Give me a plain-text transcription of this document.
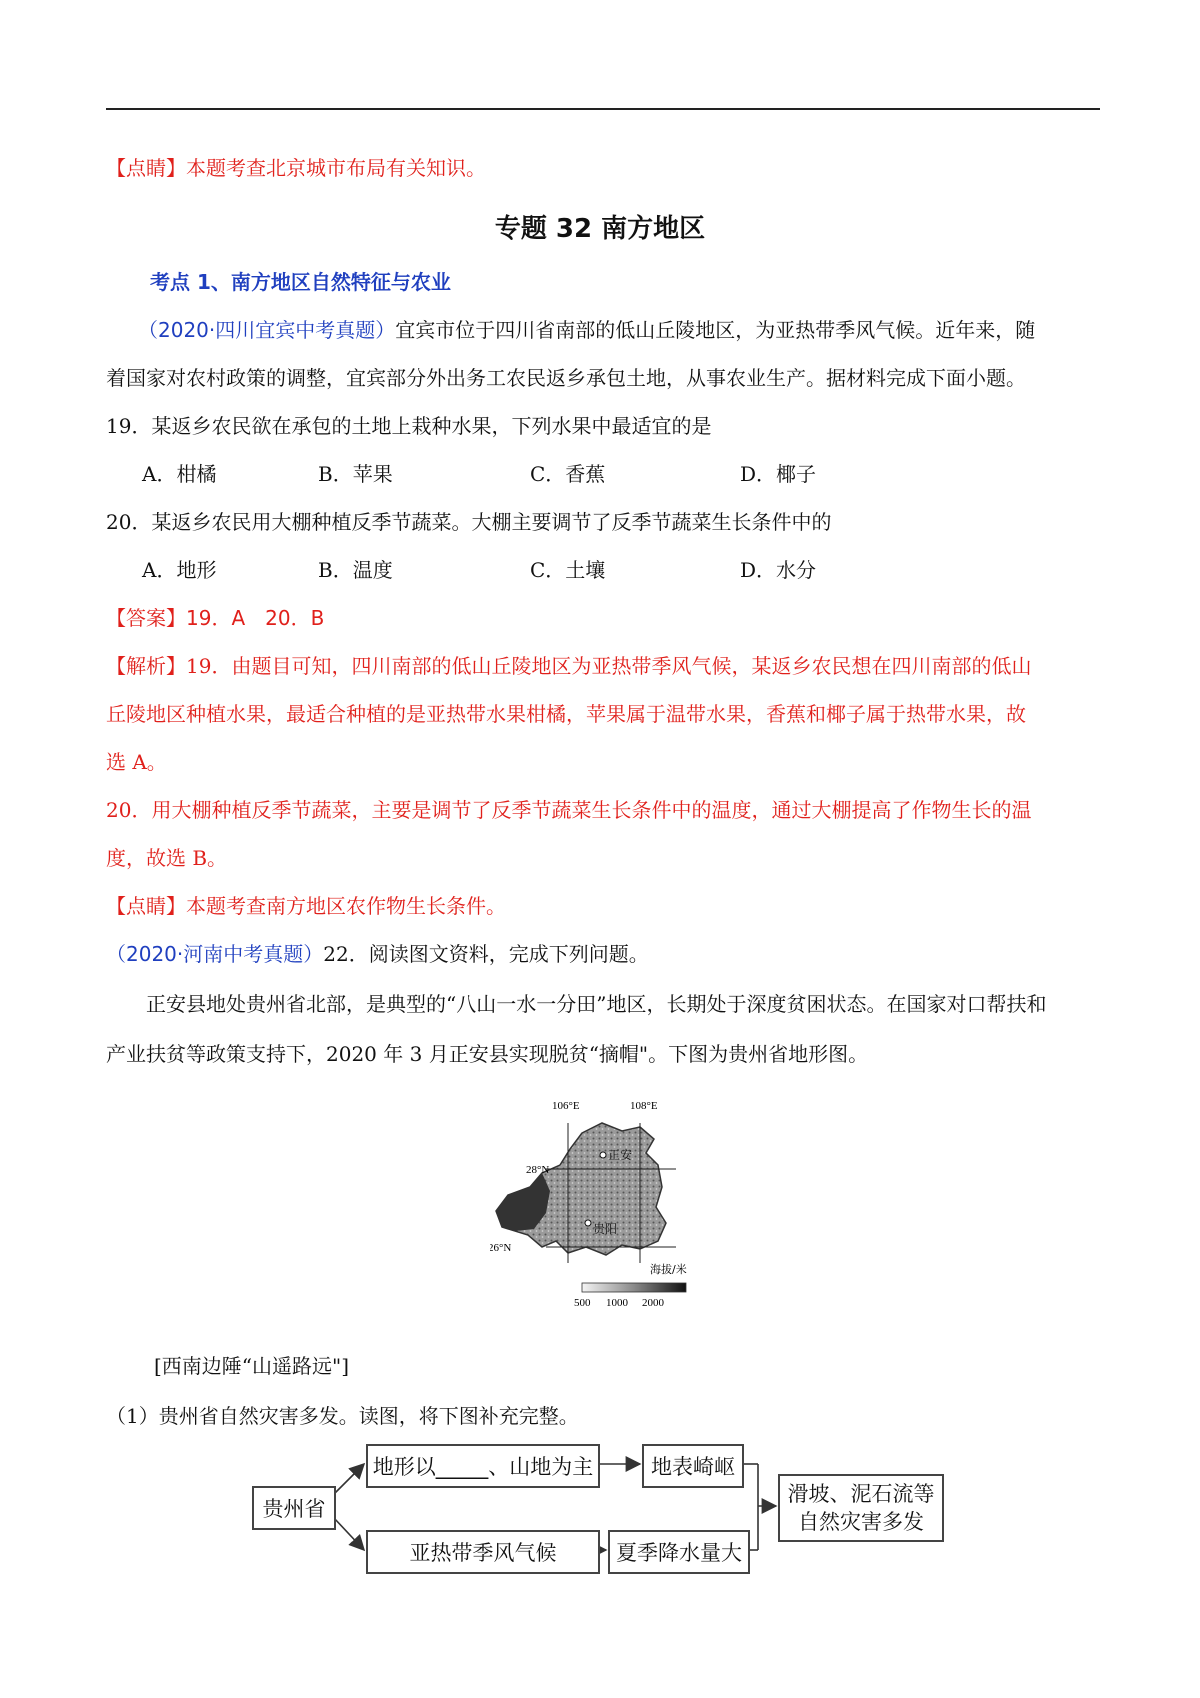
【点睛】本题考查北京城市布局有关知识。
专题 32 南方地区
考点 1、南方地区自然特征与农业
（2020·四川宜宾中考真题）宜宾市位于四川省南部的低山丘陵地区，为亚热带季风气候。近年来，随
着国家对农村政策的调整，宜宾部分外出务工农民返乡承包土地，从事农业生产。据材料完成下面小题。
19．某返乡农民欲在承包的土地上栽种水果，下列水果中最适宜的是
A．柑橘	B．苹果	C．香蕉	D．椰子
20．某返乡农民用大棚种植反季节蔬菜。大棚主要调节了反季节蔬菜生长条件中的
A．地形	B．温度	C．土壤	D．水分
【答案】19．A　20．B
【解析】19．由题目可知，四川南部的低山丘陵地区为亚热带季风气候，某返乡农民想在四川南部的低山
丘陵地区种植水果，最适合种植的是亚热带水果柑橘，苹果属于温带水果，香蕉和椰子属于热带水果，故
选 A。
20．用大棚种植反季节蔬菜，主要是调节了反季节蔬菜生长条件中的温度，通过大棚提高了作物生长的温
度，故选 B。
【点睛】本题考查南方地区农作物生长条件。
（2020·河南中考真题）22．阅读图文资料，完成下列问题。
正安县地处贵州省北部，是典型的“八山一水一分田”地区，长期处于深度贫困状态。在国家对口帮扶和
产业扶贫等政策支持下，2020 年 3 月正安县实现脱贫“摘帽"。下图为贵州省地形图。
106°E	108°E
28°N
26°N
正安
贵阳
海拔/米
500 1000 2000
[西南边陲“山遥路远"]
（1）贵州省自然灾害多发。读图，将下图补充完整。
贵州省
地形以_____、山地为主	地表崎岖
亚热带季风气候	夏季降水量大
滑坡、泥石流等
自然灾害多发
